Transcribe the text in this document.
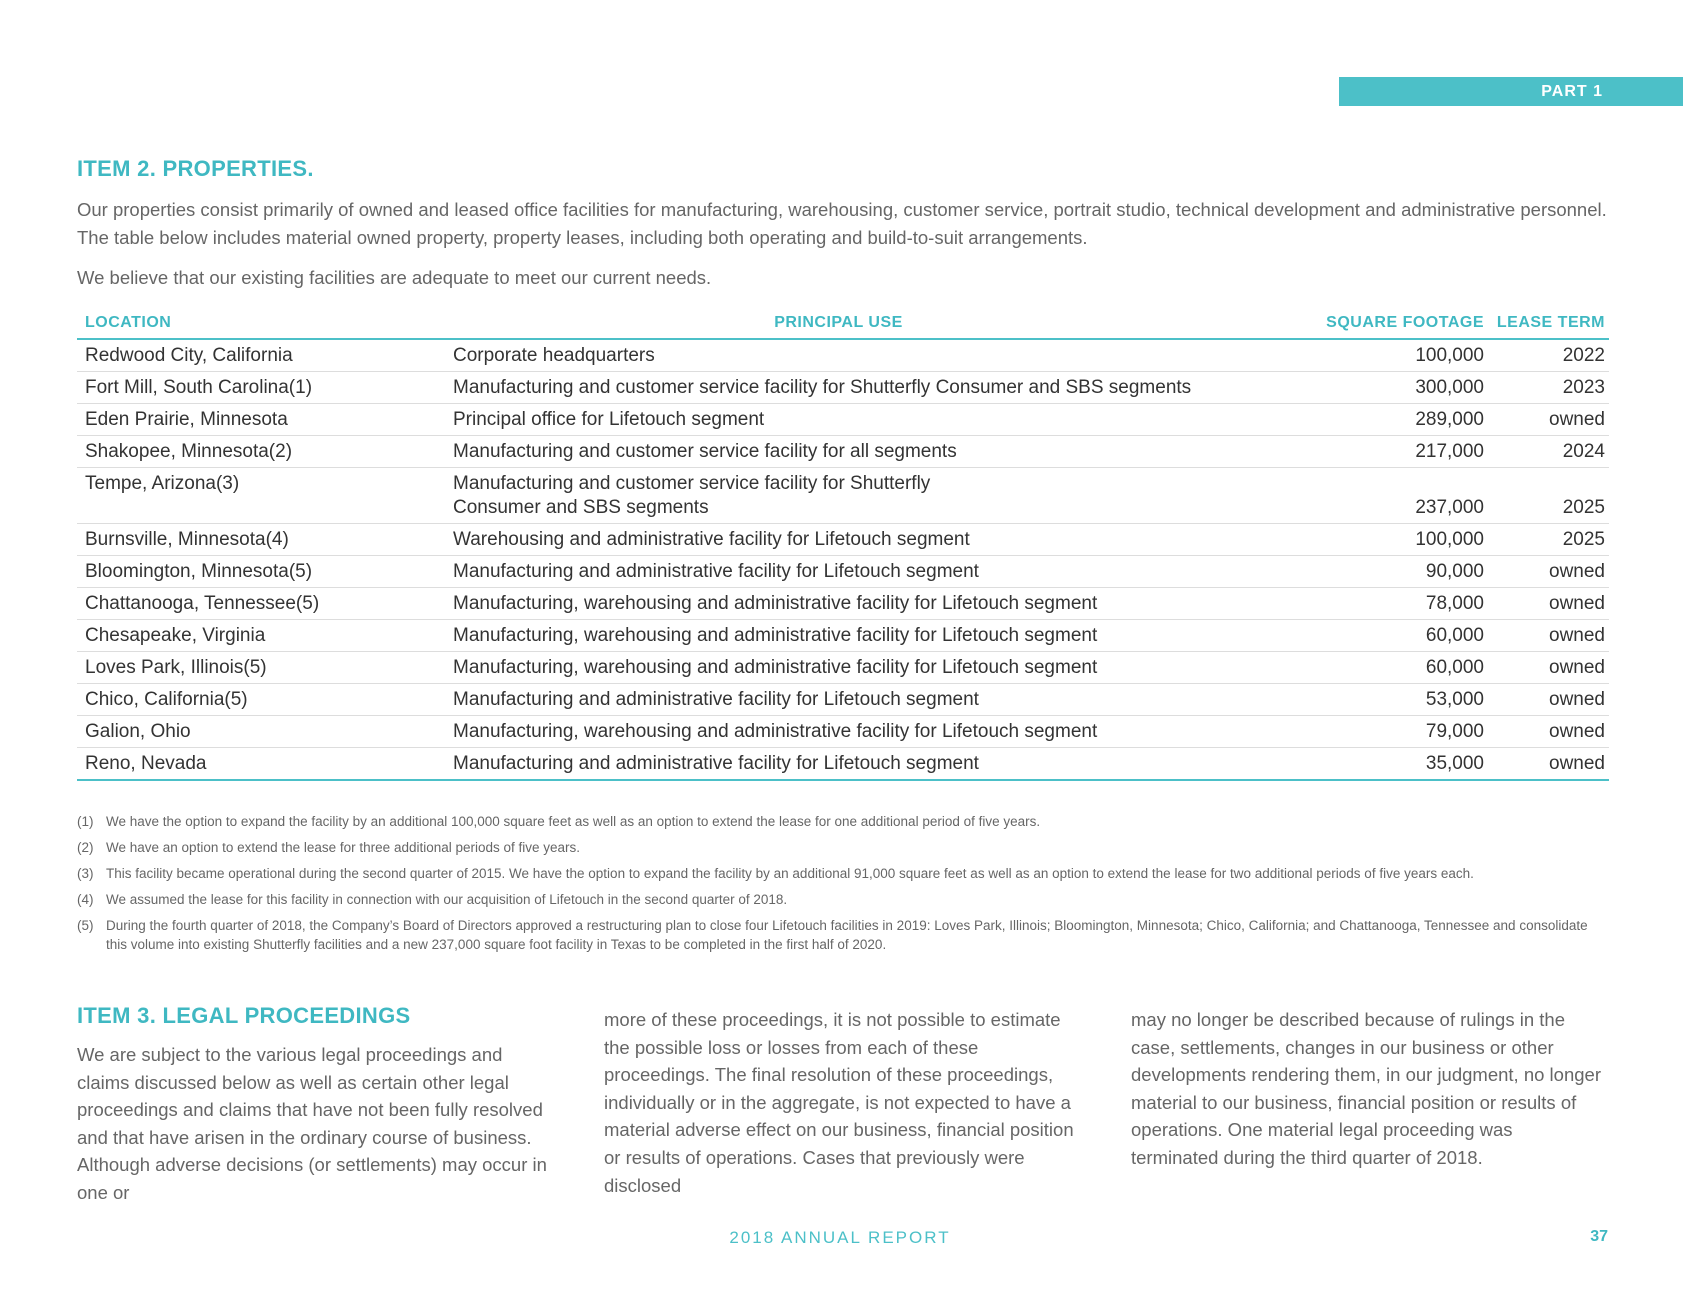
PART 1
ITEM 2. PROPERTIES.

Our properties consist primarily of owned and leased office facilities for manufacturing, warehousing, customer service, portrait studio, technical development and administrative personnel. The table below includes material owned property, property leases, including both operating and build-to-suit arrangements.

We believe that our existing facilities are adequate to meet our current needs.

LOCATION	PRINCIPAL USE	SQUARE FOOTAGE	LEASE TERM
Redwood City, California	Corporate headquarters	100,000	2022
Fort Mill, South Carolina(1)	Manufacturing and customer service facility for Shutterfly Consumer and SBS segments	300,000	2023
Eden Prairie, Minnesota	Principal office for Lifetouch segment	289,000	owned
Shakopee, Minnesota(2)	Manufacturing and customer service facility for all segments	217,000	2024
Tempe, Arizona(3)	Manufacturing and customer service facility for Shutterfly
Consumer and SBS segments	237,000	2025
Burnsville, Minnesota(4)	Warehousing and administrative facility for Lifetouch segment	100,000	2025
Bloomington, Minnesota(5)	Manufacturing and administrative facility for Lifetouch segment	90,000	owned
Chattanooga, Tennessee(5)	Manufacturing, warehousing and administrative facility for Lifetouch segment	78,000	owned
Chesapeake, Virginia	Manufacturing, warehousing and administrative facility for Lifetouch segment	60,000	owned
Loves Park, Illinois(5)	Manufacturing, warehousing and administrative facility for Lifetouch segment	60,000	owned
Chico, California(5)	Manufacturing and administrative facility for Lifetouch segment	53,000	owned
Galion, Ohio	Manufacturing, warehousing and administrative facility for Lifetouch segment	79,000	owned
Reno, Nevada	Manufacturing and administrative facility for Lifetouch segment	35,000	owned
(1) We have the option to expand the facility by an additional 100,000 square feet as well as an option to extend the lease for one additional period of five years.
(2) We have an option to extend the lease for three additional periods of five years.
(3) This facility became operational during the second quarter of 2015. We have the option to expand the facility by an additional 91,000 square feet as well as an option to extend the lease for two additional periods of five years each.
(4) We assumed the lease for this facility in connection with our acquisition of Lifetouch in the second quarter of 2018.
(5) During the fourth quarter of 2018, the Company’s Board of Directors approved a restructuring plan to close four Lifetouch facilities in 2019: Loves Park, Illinois; Bloomington, Minnesota; Chico, California; and Chattanooga, Tennessee and consolidate this volume into existing Shutterfly facilities and a new 237,000 square foot facility in Texas to be completed in the first half of 2020.
ITEM 3. LEGAL PROCEEDINGS

We are subject to the various legal proceedings and claims discussed below as well as certain other legal proceedings and claims that have not been fully resolved and that have arisen in the ordinary course of business. Although adverse decisions (or settlements) may occur in one or

more of these proceedings, it is not possible to estimate the possible loss or losses from each of these proceedings. The final resolution of these proceedings, individually or in the aggregate, is not expected to have a material adverse effect on our business, financial position or results of operations. Cases that previously were disclosed

may no longer be described because of rulings in the case, settlements, changes in our business or other developments rendering them, in our judgment, no longer material to our business, financial position or results of operations. One material legal proceeding was terminated during the third quarter of 2018.

2018 ANNUAL REPORT	37
